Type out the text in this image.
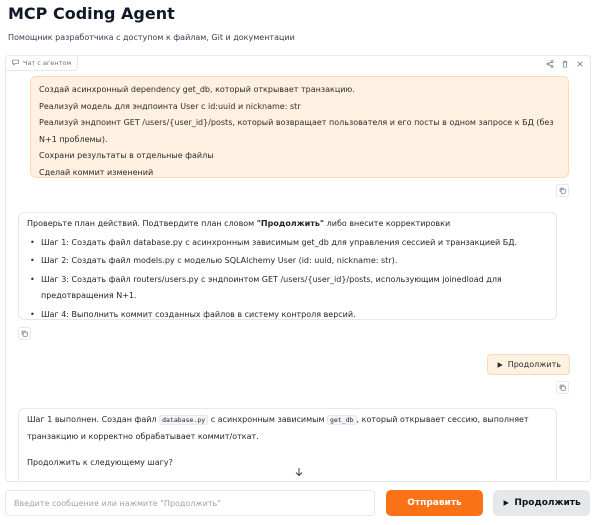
MCP Coding Agent
Помощник разработчика с доступом к файлам, Git и документации
Чат с агентом

Создай асинхронный dependency get_db, который открывает транзакцию.

Реализуй модель для эндпоинта User с id:uuid и nickname: str

Реализуй эндпоинт GET /users/{user_id}/posts, который возвращает пользователя и его посты в одном запросе к БД (без N+1 проблемы).

Сохрани результаты в отдельные файлы

Сделай коммит изменений

Проверьте план действий. Подтвердите план словом "Продолжить" либо внесите корректировки

• Шаг 1: Создать файл database.py с асинхронным зависимым get_db для управления сессией и транзакцией БД.
• Шаг 2: Создать файл models.py с моделью SQLAlchemy User (id: uuid, nickname: str).
• Шаг 3: Создать файл routers/users.py с эндпоинтом GET /users/{user_id}/posts, использующим joinedload для предотвращения N+1.
• Шаг 4: Выполнить коммит созданных файлов в систему контроля версий.
Продолжить

Шаг 1 выполнен. Создан файл database.py с асинхронным зависимым get_db , который открывает сессию, выполняет транзакцию и корректно обрабатывает коммит/откат.

Продолжить к следующему шагу?

Введите сообщение или нажмите "Продолжить"
Отправить	Продолжить
